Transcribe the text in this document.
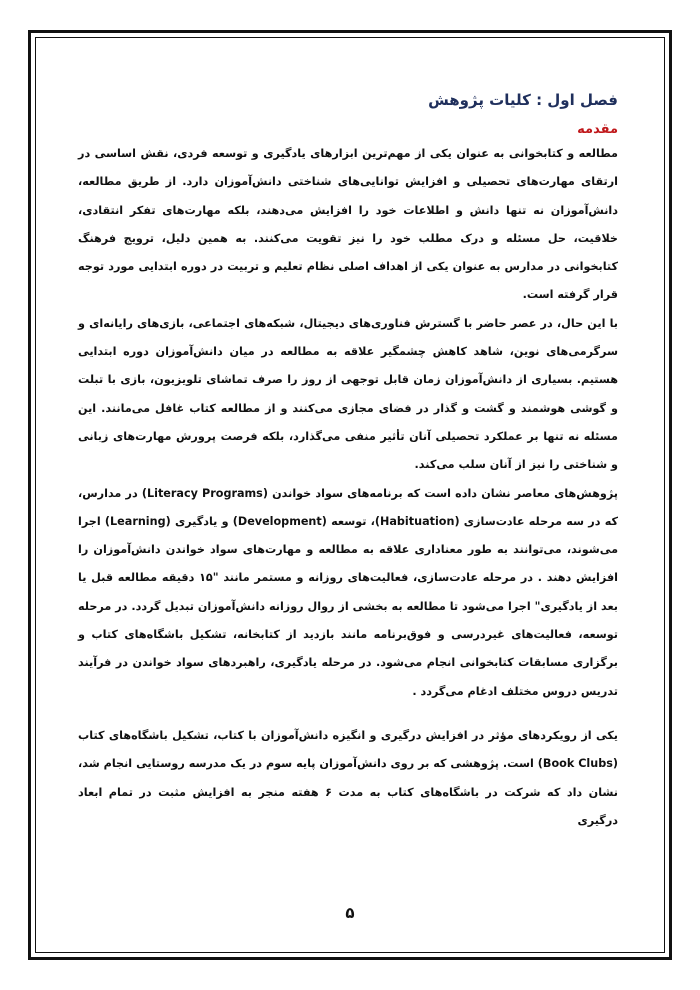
فصل اول : کلیات پژوهش
مقدمه

مطالعه و کتابخوانی به عنوان یکی از مهم‌ترین ابزارهای یادگیری و توسعه فردی، نقش اساسی در ارتقای مهارت‌های تحصیلی و افزایش توانایی‌های شناختی دانش‌آموزان دارد. از طریق مطالعه، دانش‌آموزان نه تنها دانش و اطلاعات خود را افزایش می‌دهند، بلکه مهارت‌های تفکر انتقادی، خلاقیت، حل مسئله و درک مطلب خود را نیز تقویت می‌کنند. به همین دلیل، ترویج فرهنگ کتابخوانی در مدارس به عنوان یکی از اهداف اصلی نظام تعلیم و تربیت در دوره ابتدایی مورد توجه قرار گرفته است.

با این حال، در عصر حاضر با گسترش فناوری‌های دیجیتال، شبکه‌های اجتماعی، بازی‌های رایانه‌ای و سرگرمی‌های نوین، شاهد کاهش چشمگیر علاقه به مطالعه در میان دانش‌آموزان دوره ابتدایی هستیم. بسیاری از دانش‌آموزان زمان قابل توجهی از روز را صرف تماشای تلویزیون، بازی با تبلت و گوشی هوشمند و گشت و گذار در فضای مجازی می‌کنند و از مطالعه کتاب غافل می‌مانند. این مسئله نه تنها بر عملکرد تحصیلی آنان تأثیر منفی می‌گذارد، بلکه فرصت پرورش مهارت‌های زبانی و شناختی را نیز از آنان سلب می‌کند.

پژوهش‌های معاصر نشان داده است که برنامه‌های سواد خواندن (Literacy Programs) در مدارس، که در سه مرحله عادت‌سازی (Habituation)، توسعه (Development) و یادگیری (Learning) اجرا می‌شوند، می‌توانند به طور معناداری علاقه به مطالعه و مهارت‌های سواد خواندن دانش‌آموزان را افزایش دهند . در مرحله عادت‌سازی، فعالیت‌های روزانه و مستمر مانند "۱۵ دقیقه مطالعه قبل یا بعد از یادگیری" اجرا می‌شود تا مطالعه به بخشی از روال روزانه دانش‌آموزان تبدیل گردد. در مرحله توسعه، فعالیت‌های غیردرسی و فوق‌برنامه مانند بازدید از کتابخانه، تشکیل باشگاه‌های کتاب و برگزاری مسابقات کتابخوانی انجام می‌شود. در مرحله یادگیری، راهبردهای سواد خواندن در فرآیند تدریس دروس مختلف ادغام می‌گردد .

یکی از رویکردهای مؤثر در افزایش درگیری و انگیزه دانش‌آموزان با کتاب، تشکیل باشگاه‌های کتاب (Book Clubs) است. پژوهشی که بر روی دانش‌آموزان پایه سوم در یک مدرسه روستایی انجام شد، نشان داد که شرکت در باشگاه‌های کتاب به مدت ۶ هفته منجر به افزایش مثبت در تمام ابعاد درگیری

۵
